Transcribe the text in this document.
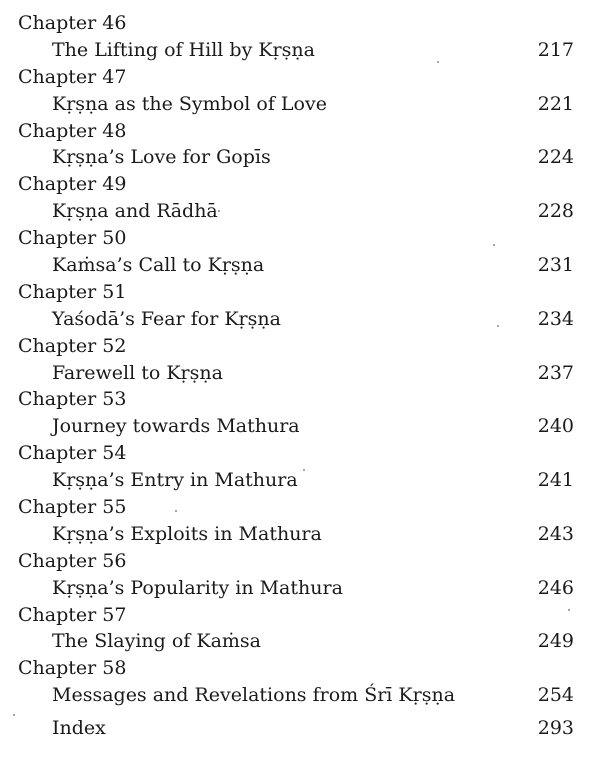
Chapter 46
The Lifting of Hill by Kṛṣṇa	217
Chapter 47
Kṛṣṇa as the Symbol of Love	221
Chapter 48
Kṛṣṇa’s Love for Gopīs	224
Chapter 49
Kṛṣṇa and Rādhā	228
Chapter 50
Kaṁsa’s Call to Kṛṣṇa	231
Chapter 51
Yaśodā’s Fear for Kṛṣṇa	234
Chapter 52
Farewell to Kṛṣṇa	237
Chapter 53
Journey towards Mathura	240
Chapter 54
Kṛṣṇa’s Entry in Mathura	241
Chapter 55
Kṛṣṇa’s Exploits in Mathura	243
Chapter 56
Kṛṣṇa’s Popularity in Mathura	246
Chapter 57
The Slaying of Kaṁsa	249
Chapter 58
Messages and Revelations from Śrī Kṛṣṇa	254
Index	293
